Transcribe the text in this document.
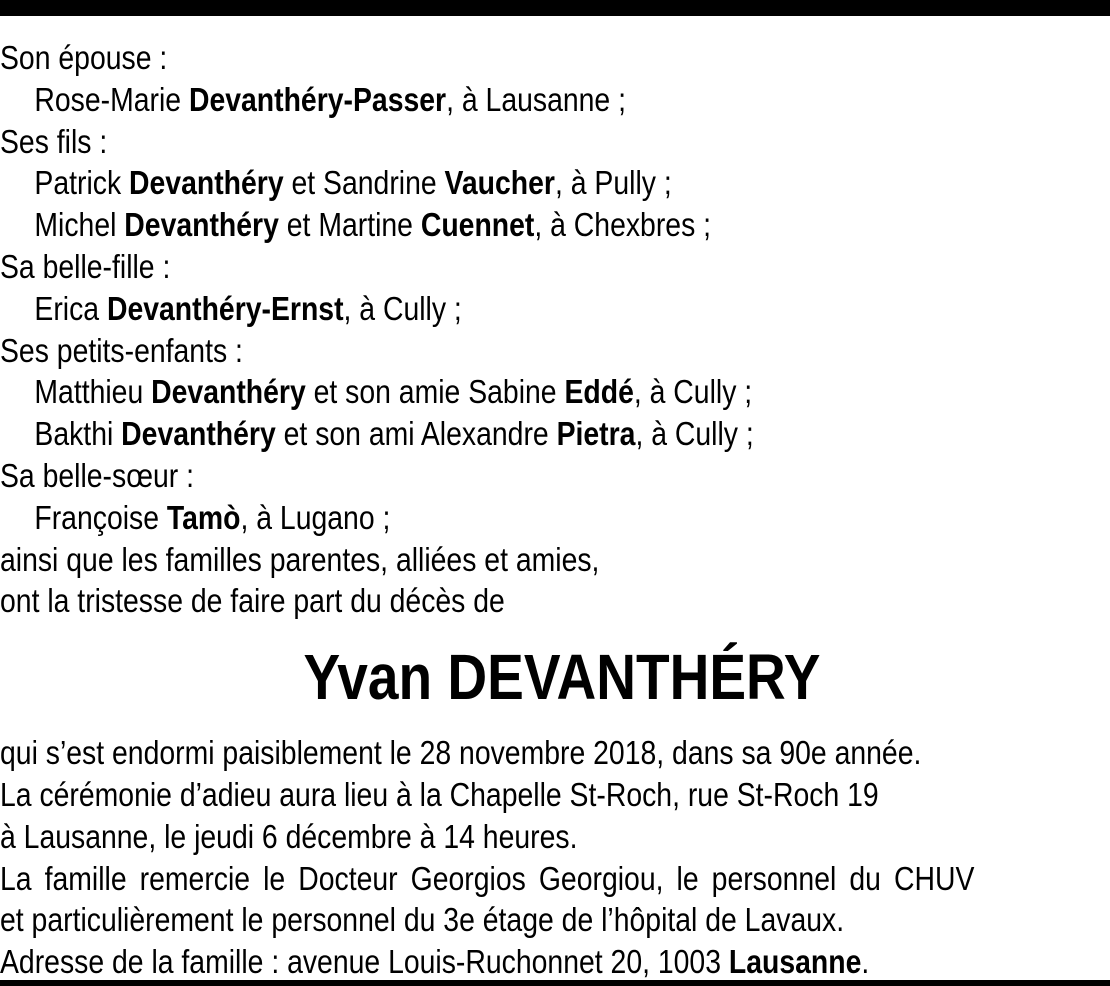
Son épouse :
Rose-Marie Devanthéry-Passer, à Lausanne ;
Ses fils :
Patrick Devanthéry et Sandrine Vaucher, à Pully ;
Michel Devanthéry et Martine Cuennet, à Chexbres ;
Sa belle-fille :
Erica Devanthéry-Ernst, à Cully ;
Ses petits-enfants :
Matthieu Devanthéry et son amie Sabine Eddé, à Cully ;
Bakthi Devanthéry et son ami Alexandre Pietra, à Cully ;
Sa belle-sœur :
Françoise Tamò, à Lugano ;
ainsi que les familles parentes, alliées et amies,
ont la tristesse de faire part du décès de
Yvan DEVANTHÉRY
qui s’est endormi paisiblement le 28 novembre 2018, dans sa 90e année.
La cérémonie d’adieu aura lieu à la Chapelle St-Roch, rue St-Roch 19
à Lausanne, le jeudi 6 décembre à 14 heures.
La famille remercie le Docteur Georgios Georgiou, le personnel du CHUV
et particulièrement le personnel du 3e étage de l’hôpital de Lavaux.
Adresse de la famille : avenue Louis-Ruchonnet 20, 1003 Lausanne.
